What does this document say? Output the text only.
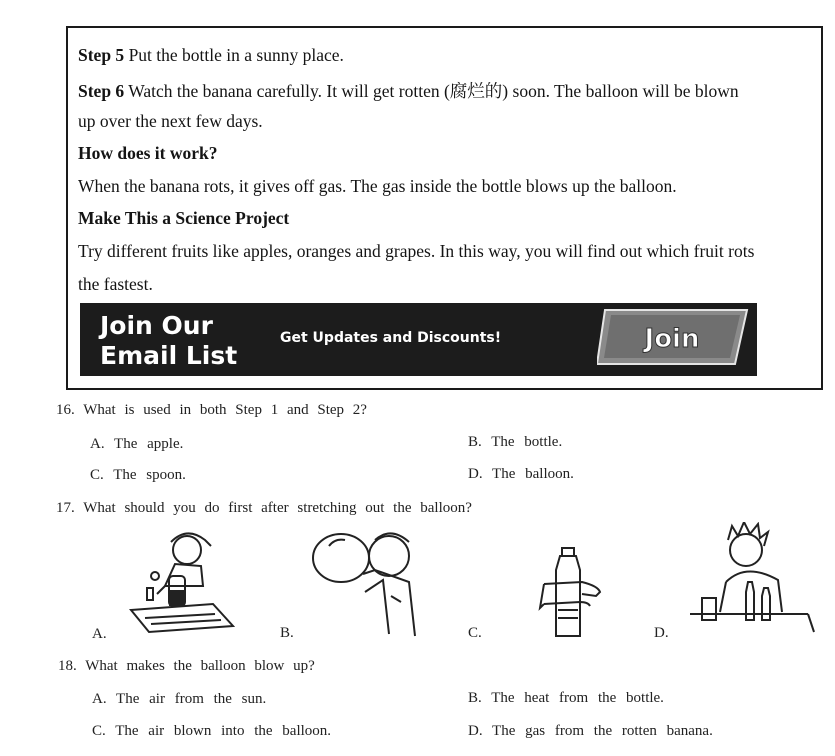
Step 5 Put the bottle in a sunny place.
Step 6 Watch the banana carefully. It will get rotten (腐烂的) soon. The balloon will be blown
up over the next few days.
How does it work?
When the banana rots, it gives off gas. The gas inside the bottle blows up the balloon.
Make This a Science Project
Try different fruits like apples, oranges and grapes. In this way, you will find out which fruit rots
the fastest.
Join Our
Email List
Get Updates and Discounts!	Join
16. What is used in both Step 1 and Step 2?
A. The apple.	B. The bottle.
C. The spoon.	D. The balloon.
17. What should you do first after stretching out the balloon?
A.	B.	C.	D.
18. What makes the balloon blow up?
A. The air from the sun.	B. The heat from the bottle.
C. The air blown into the balloon.	D. The gas from the rotten banana.
